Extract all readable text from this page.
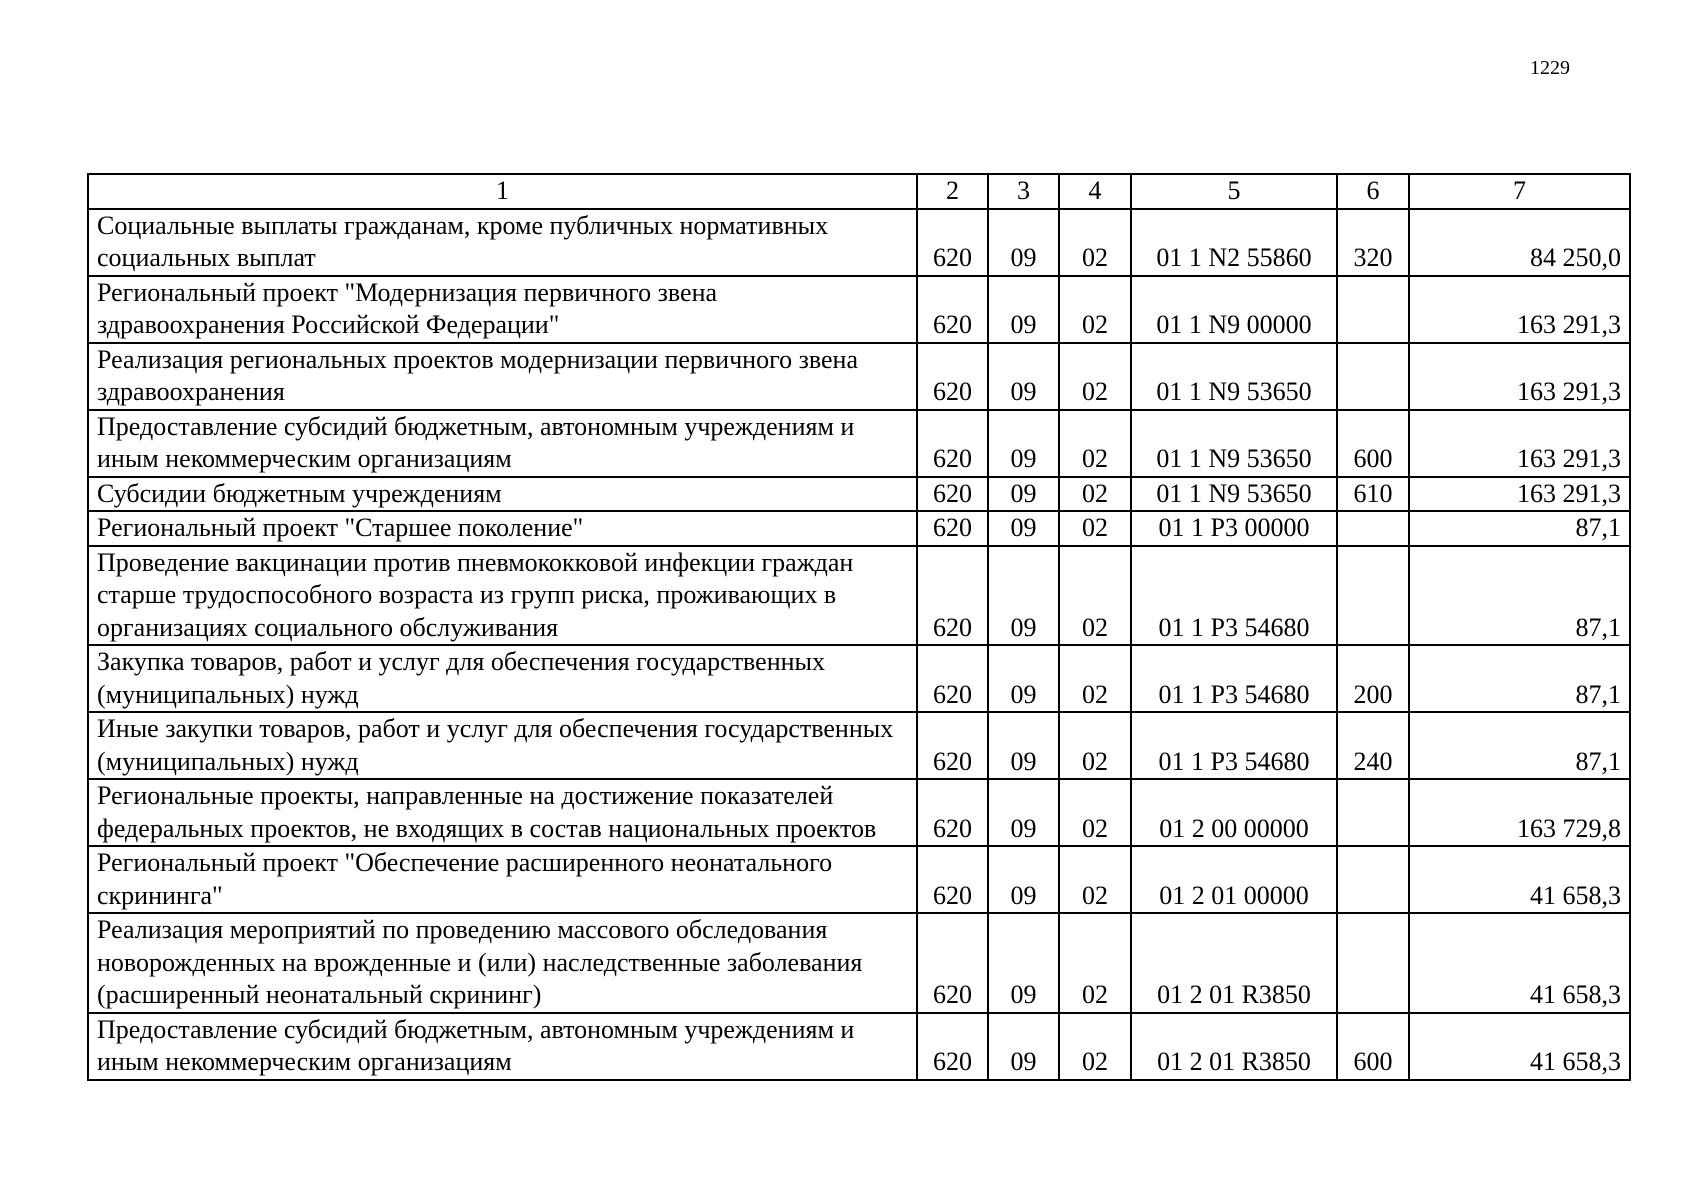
1229
1	2	3	4	5	6	7
Социальные выплаты гражданам, кроме публичных нормативных социальных выплат	620	09	02	01 1 N2 55860	320	84 250,0
Региональный проект "Модернизация первичного звена здравоохранения Российской Федерации"	620	09	02	01 1 N9 00000		163 291,3
Реализация региональных проектов модернизации первичного звена здравоохранения	620	09	02	01 1 N9 53650		163 291,3
Предоставление субсидий бюджетным, автономным учреждениям и иным некоммерческим организациям	620	09	02	01 1 N9 53650	600	163 291,3
Субсидии бюджетным учреждениям	620	09	02	01 1 N9 53650	610	163 291,3
Региональный проект "Старшее поколение"	620	09	02	01 1 P3 00000		87,1
Проведение вакцинации против пневмококковой инфекции граждан старше трудоспособного возраста из групп риска, проживающих в организациях социального обслуживания	620	09	02	01 1 P3 54680		87,1
Закупка товаров, работ и услуг для обеспечения государственных (муниципальных) нужд	620	09	02	01 1 P3 54680	200	87,1
Иные закупки товаров, работ и услуг для обеспечения государственных (муниципальных) нужд	620	09	02	01 1 P3 54680	240	87,1
Региональные проекты, направленные на достижение показателей федеральных проектов, не входящих в состав национальных проектов	620	09	02	01 2 00 00000		163 729,8
Региональный проект "Обеспечение расширенного неонатального скрининга"	620	09	02	01 2 01 00000		41 658,3
Реализация мероприятий по проведению массового обследования новорожденных на врожденные и (или) наследственные заболевания (расширенный неонатальный скрининг)	620	09	02	01 2 01 R3850		41 658,3
Предоставление субсидий бюджетным, автономным учреждениям и иным некоммерческим организациям	620	09	02	01 2 01 R3850	600	41 658,3
